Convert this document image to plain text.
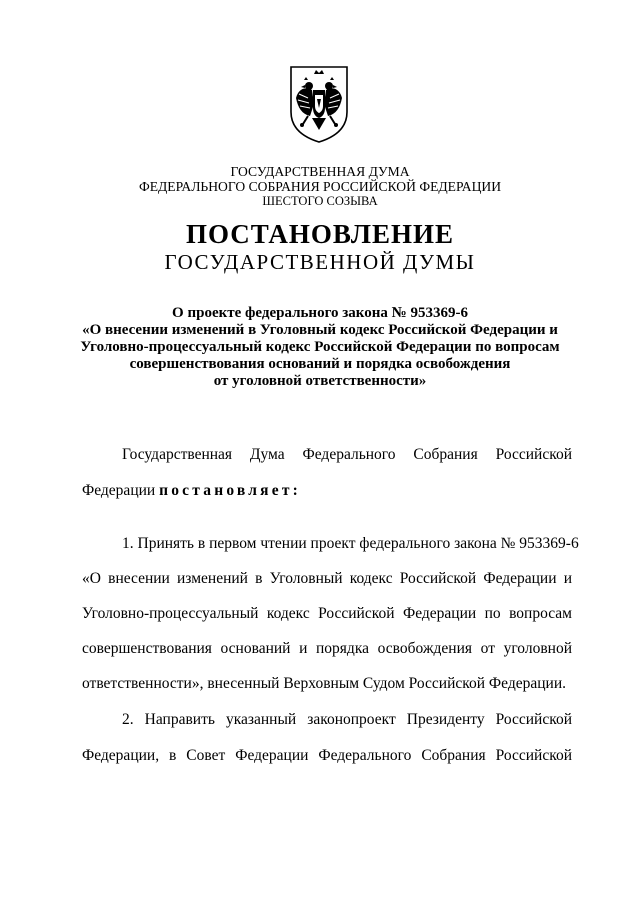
ГОСУДАРСТВЕННАЯ ДУМА
ФЕДЕРАЛЬНОГО СОБРАНИЯ РОССИЙСКОЙ ФЕДЕРАЦИИ
ШЕСТОГО СОЗЫВА
ПОСТАНОВЛЕНИЕ
ГОСУДАРСТВЕННОЙ ДУМЫ
О проекте федерального закона № 953369-6
«О внесении изменений в Уголовный кодекс Российской Федерации и
Уголовно-процессуальный кодекс Российской Федерации по вопросам
совершенствования оснований и порядка освобождения
от уголовной ответственности»
Государственная Дума Федерального Собрания Российской
Федерации постановляет:
1. Принять в первом чтении проект федерального закона № 953369-6
«О внесении изменений в Уголовный кодекс Российской Федерации и
Уголовно-процессуальный кодекс Российской Федерации по вопросам
совершенствования оснований и порядка освобождения от уголовной
ответственности», внесенный Верховным Судом Российской Федерации.
2. Направить указанный законопроект Президенту Российской
Федерации, в Совет Федерации Федерального Собрания Российской
